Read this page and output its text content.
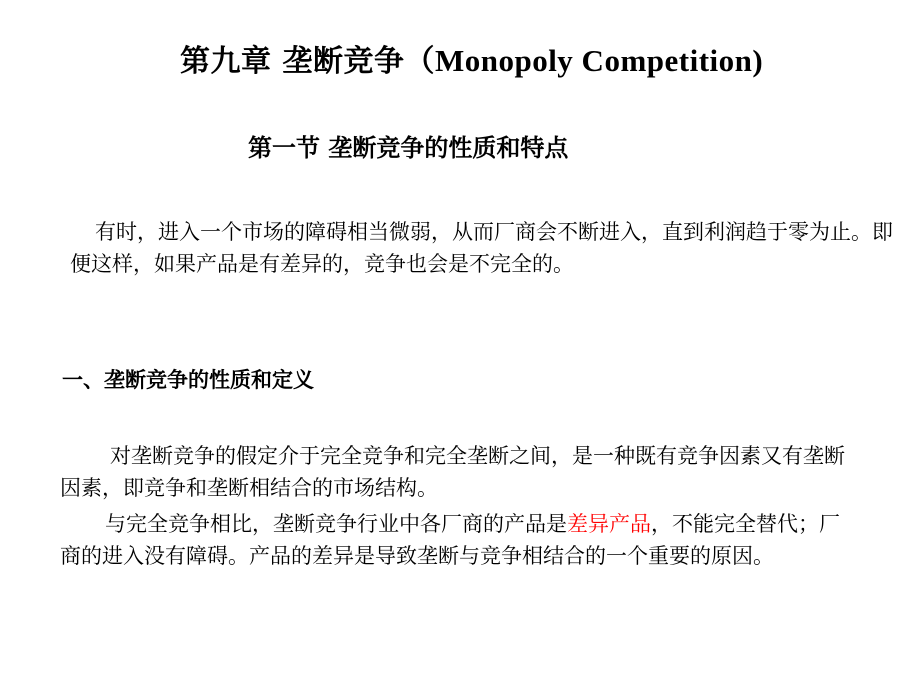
第九章 垄断竞争（Monopoly Competition)
第一节 垄断竞争的性质和特点
有时，进入一个市场的障碍相当微弱，从而厂商会不断进入，直到利润趋于零为止。即便这样，如果产品是有差异的，竞争也会是不完全的。
一、垄断竞争的性质和定义

对垄断竞争的假定介于完全竞争和完全垄断之间，是一种既有竞争因素又有垄断因素，即竞争和垄断相结合的市场结构。

与完全竞争相比，垄断竞争行业中各厂商的产品是差异产品，不能完全替代；厂商的进入没有障碍。产品的差异是导致垄断与竞争相结合的一个重要的原因。
